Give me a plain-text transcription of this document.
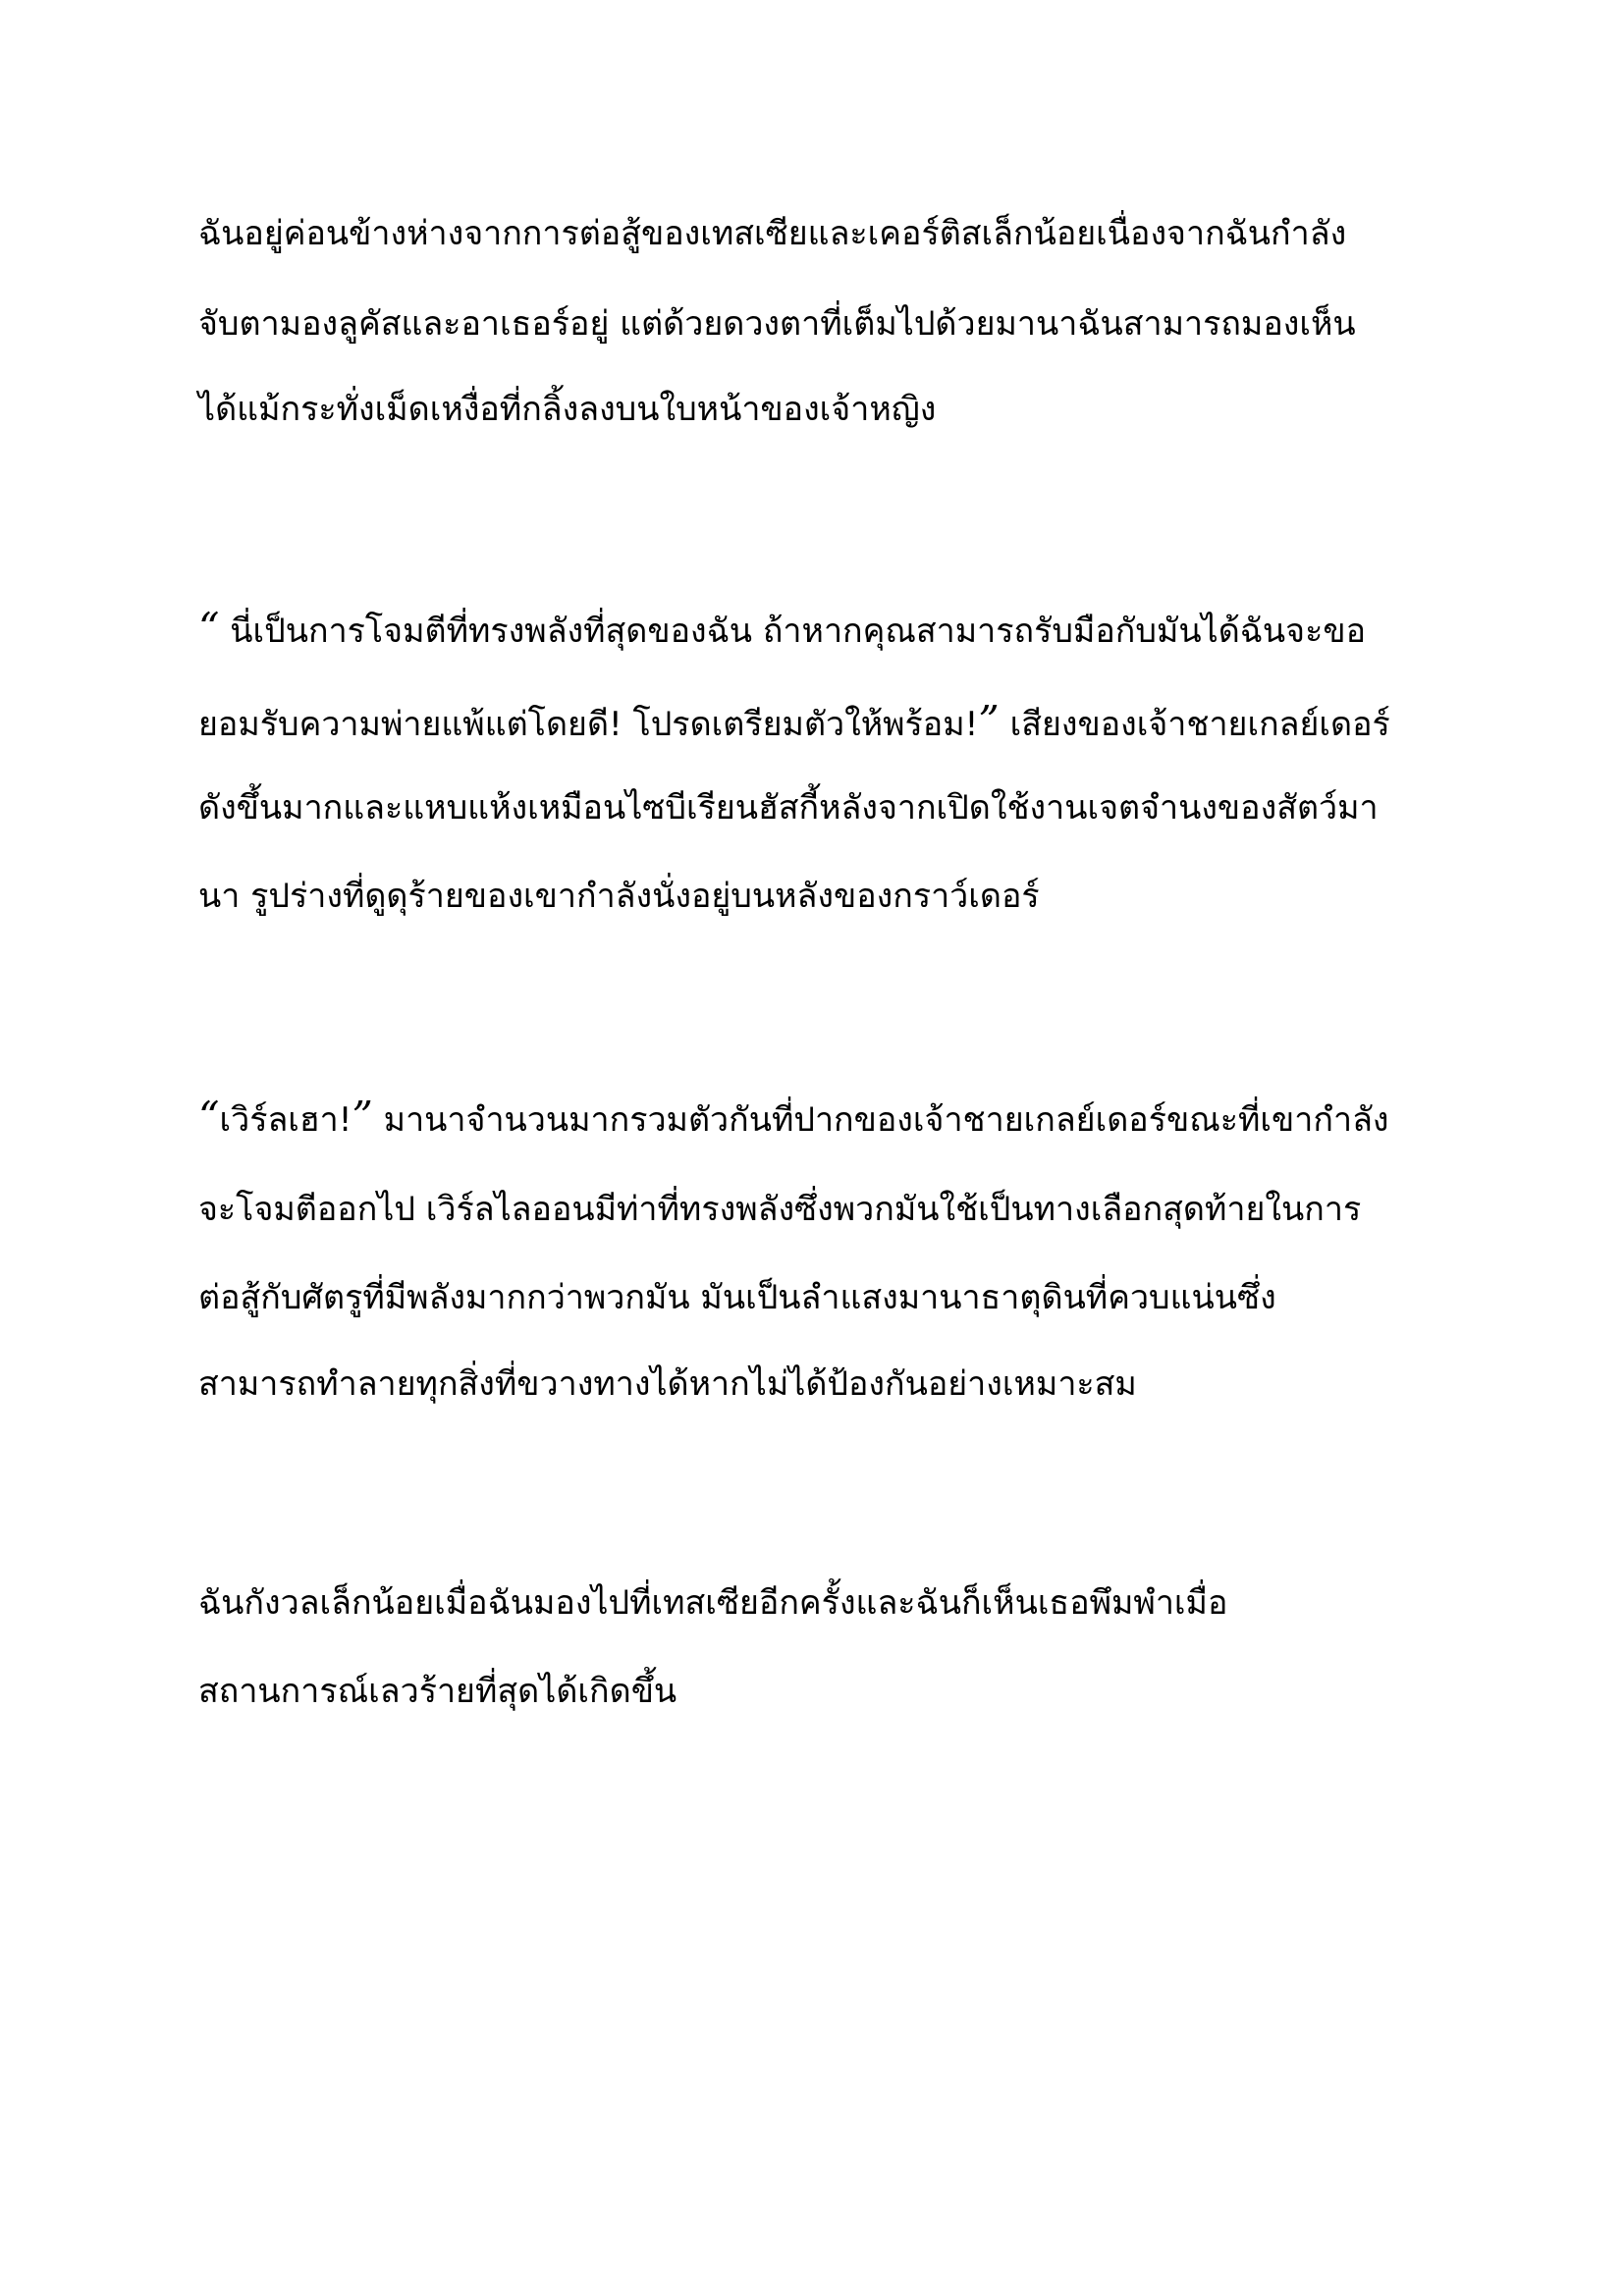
ฉันอยู่ค่อนข้างห่างจากการต่อสู้ของเทสเซียและเคอร์ติสเล็กน้อยเนื่องจากฉันกำลัง
จับตามองลูคัสและอาเธอร์อยู่ แต่ด้วยดวงตาที่เต็มไปด้วยมานาฉันสามารถมองเห็น
ได้แม้กระทั่งเม็ดเหงื่อที่กลิ้งลงบนใบหน้าของเจ้าหญิง
“ นี่เป็นการโจมตีที่ทรงพลังที่สุดของฉัน ถ้าหากคุณสามารถรับมือกับมันได้ฉันจะขอ
ยอมรับความพ่ายแพ้แต่โดยดี! โปรดเตรียมตัวให้พร้อม!” เสียงของเจ้าชายเกลย์เดอร์
ดังขึ้นมากและแหบแห้งเหมือนไซบีเรียนฮัสกี้หลังจากเปิดใช้งานเจตจำนงของสัตว์มา
นา รูปร่างที่ดูดุร้ายของเขากำลังนั่งอยู่บนหลังของกราว์เดอร์
“เวิร์ลเฮา!” มานาจำนวนมากรวมตัวกันที่ปากของเจ้าชายเกลย์เดอร์ขณะที่เขากำลัง
จะโจมตีออกไป เวิร์ลไลออนมีท่าที่ทรงพลังซึ่งพวกมันใช้เป็นทางเลือกสุดท้ายในการ
ต่อสู้กับศัตรูที่มีพลังมากกว่าพวกมัน มันเป็นลำแสงมานาธาตุดินที่ควบแน่นซึ่ง
สามารถทำลายทุกสิ่งที่ขวางทางได้หากไม่ได้ป้องกันอย่างเหมาะสม
ฉันกังวลเล็กน้อยเมื่อฉันมองไปที่เทสเซียอีกครั้งและฉันก็เห็นเธอพึมพำเมื่อ
สถานการณ์เลวร้ายที่สุดได้เกิดขึ้น
